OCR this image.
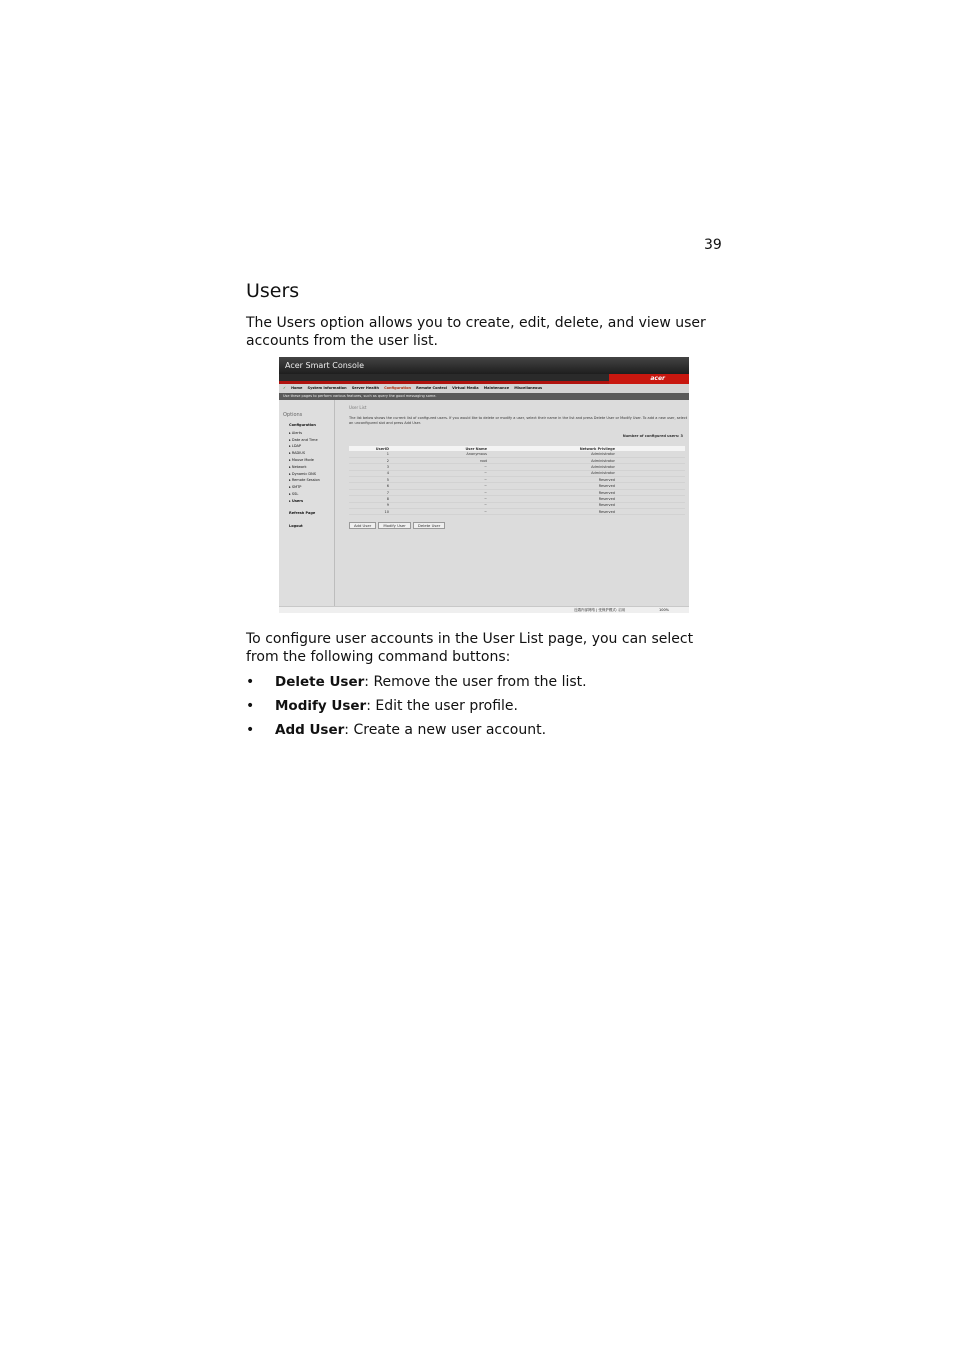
39
Users

The Users option allows you to create, edit, delete, and view user accounts from the user list.

Acer Smart Console
acer
✓ Home System Information Server Health Configuration Remote Control Virtual Media Maintenance Miscellaneous
Use these pages to perform various features, such as query the good messaging some.
Options
Configuration
▸ Alerts
▸ Date and Time
▸ LDAP
▸ RADIUS
▸ Mouse Mode
▸ Network
▸ Dynamic DNS
▸ Remote Session
▸ SMTP
▸ SSL
▸ Users
Refresh Page
Logout
User List
The list below shows the current list of configured users. If you would like to delete or modify a user, select their name in the list and press Delete User or Modify User. To add a new user, select an unconfigured slot and press Add User.
Number of configured users: 3
UserID	User Name	Network Privilege	
1	Anonymous	Administrator	
2	root	Administrator	
3	~	Administrator	
4	~	Administrator	
5	~	Reserved	
6	~	Reserved	
7	~	Reserved	
8	~	Reserved	
9	~	Reserved	
10	~	Reserved	
Add User	Modify User	Delete User
近端内部网络 | 受保护模式: 启用	100%

To configure user accounts in the User List page, you can select from the following command buttons:

• Delete User: Remove the user from the list.
• Modify User: Edit the user profile.
• Add User: Create a new user account.
